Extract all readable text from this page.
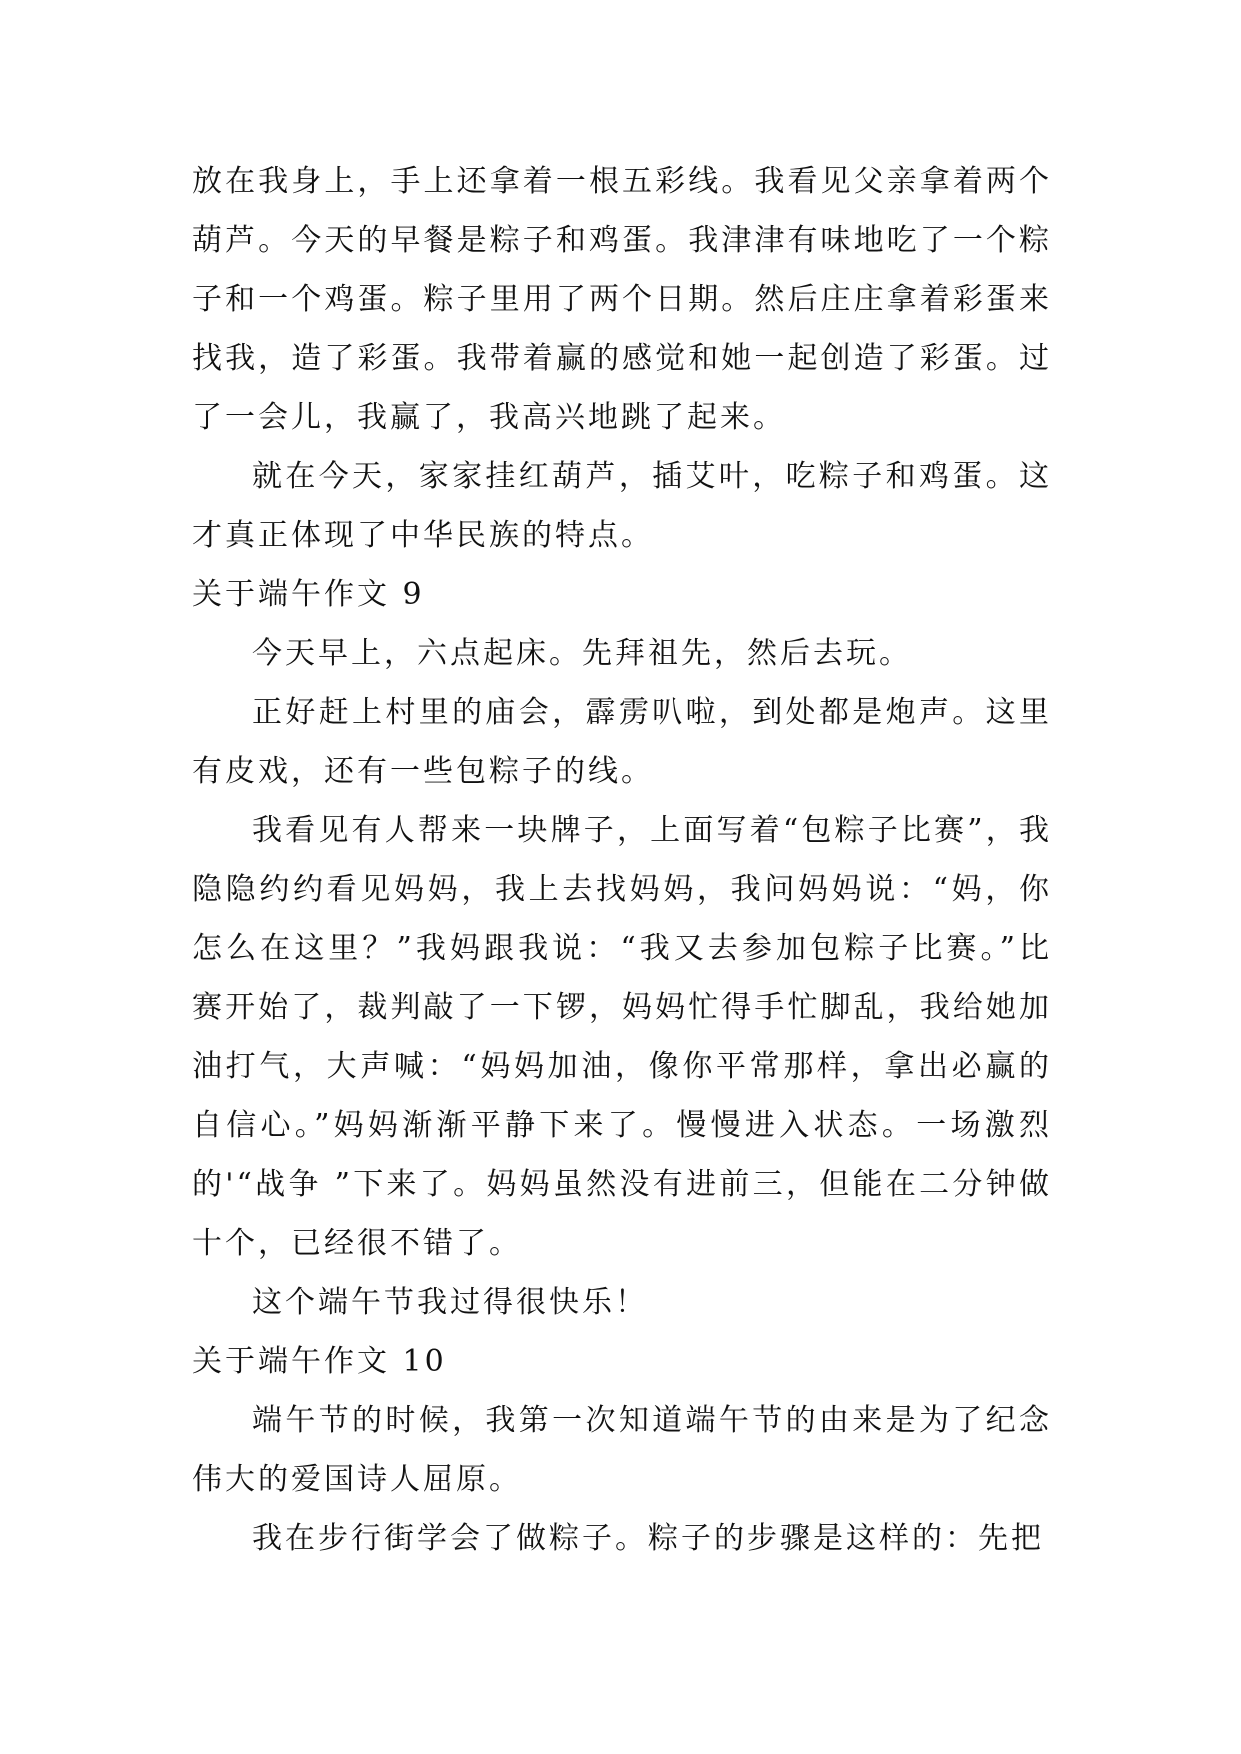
放在我身上，手上还拿着一根五彩线。我看见父亲拿着两个葫芦。今天的早餐是粽子和鸡蛋。我津津有味地吃了一个粽子和一个鸡蛋。粽子里用了两个日期。然后庄庄拿着彩蛋来找我，造了彩蛋。我带着赢的感觉和她一起创造了彩蛋。过了一会儿，我赢了，我高兴地跳了起来。

就在今天，家家挂红葫芦，插艾叶，吃粽子和鸡蛋。这才真正体现了中华民族的特点。

关于端午作文 9

今天早上，六点起床。先拜祖先，然后去玩。

正好赶上村里的庙会，霹雳叭啦，到处都是炮声。这里有皮戏，还有一些包粽子的线。

我看见有人帮来一块牌子，上面写着“包粽子比赛”，我隐隐约约看见妈妈，我上去找妈妈，我问妈妈说：“妈，你怎么在这里？”我妈跟我说：“我又去参加包粽子比赛。”比赛开始了，裁判敲了一下锣，妈妈忙得手忙脚乱，我给她加油打气，大声喊：“妈妈加油，像你平常那样，拿出必赢的自信心。”妈妈渐渐平静下来了。慢慢进入状态。一场激烈的'“战争 ”下来了。妈妈虽然没有进前三，但能在二分钟做十个，已经很不错了。

这个端午节我过得很快乐！

关于端午作文 10

端午节的时候，我第一次知道端午节的由来是为了纪念伟大的爱国诗人屈原。

我在步行街学会了做粽子。粽子的步骤是这样的：先把
